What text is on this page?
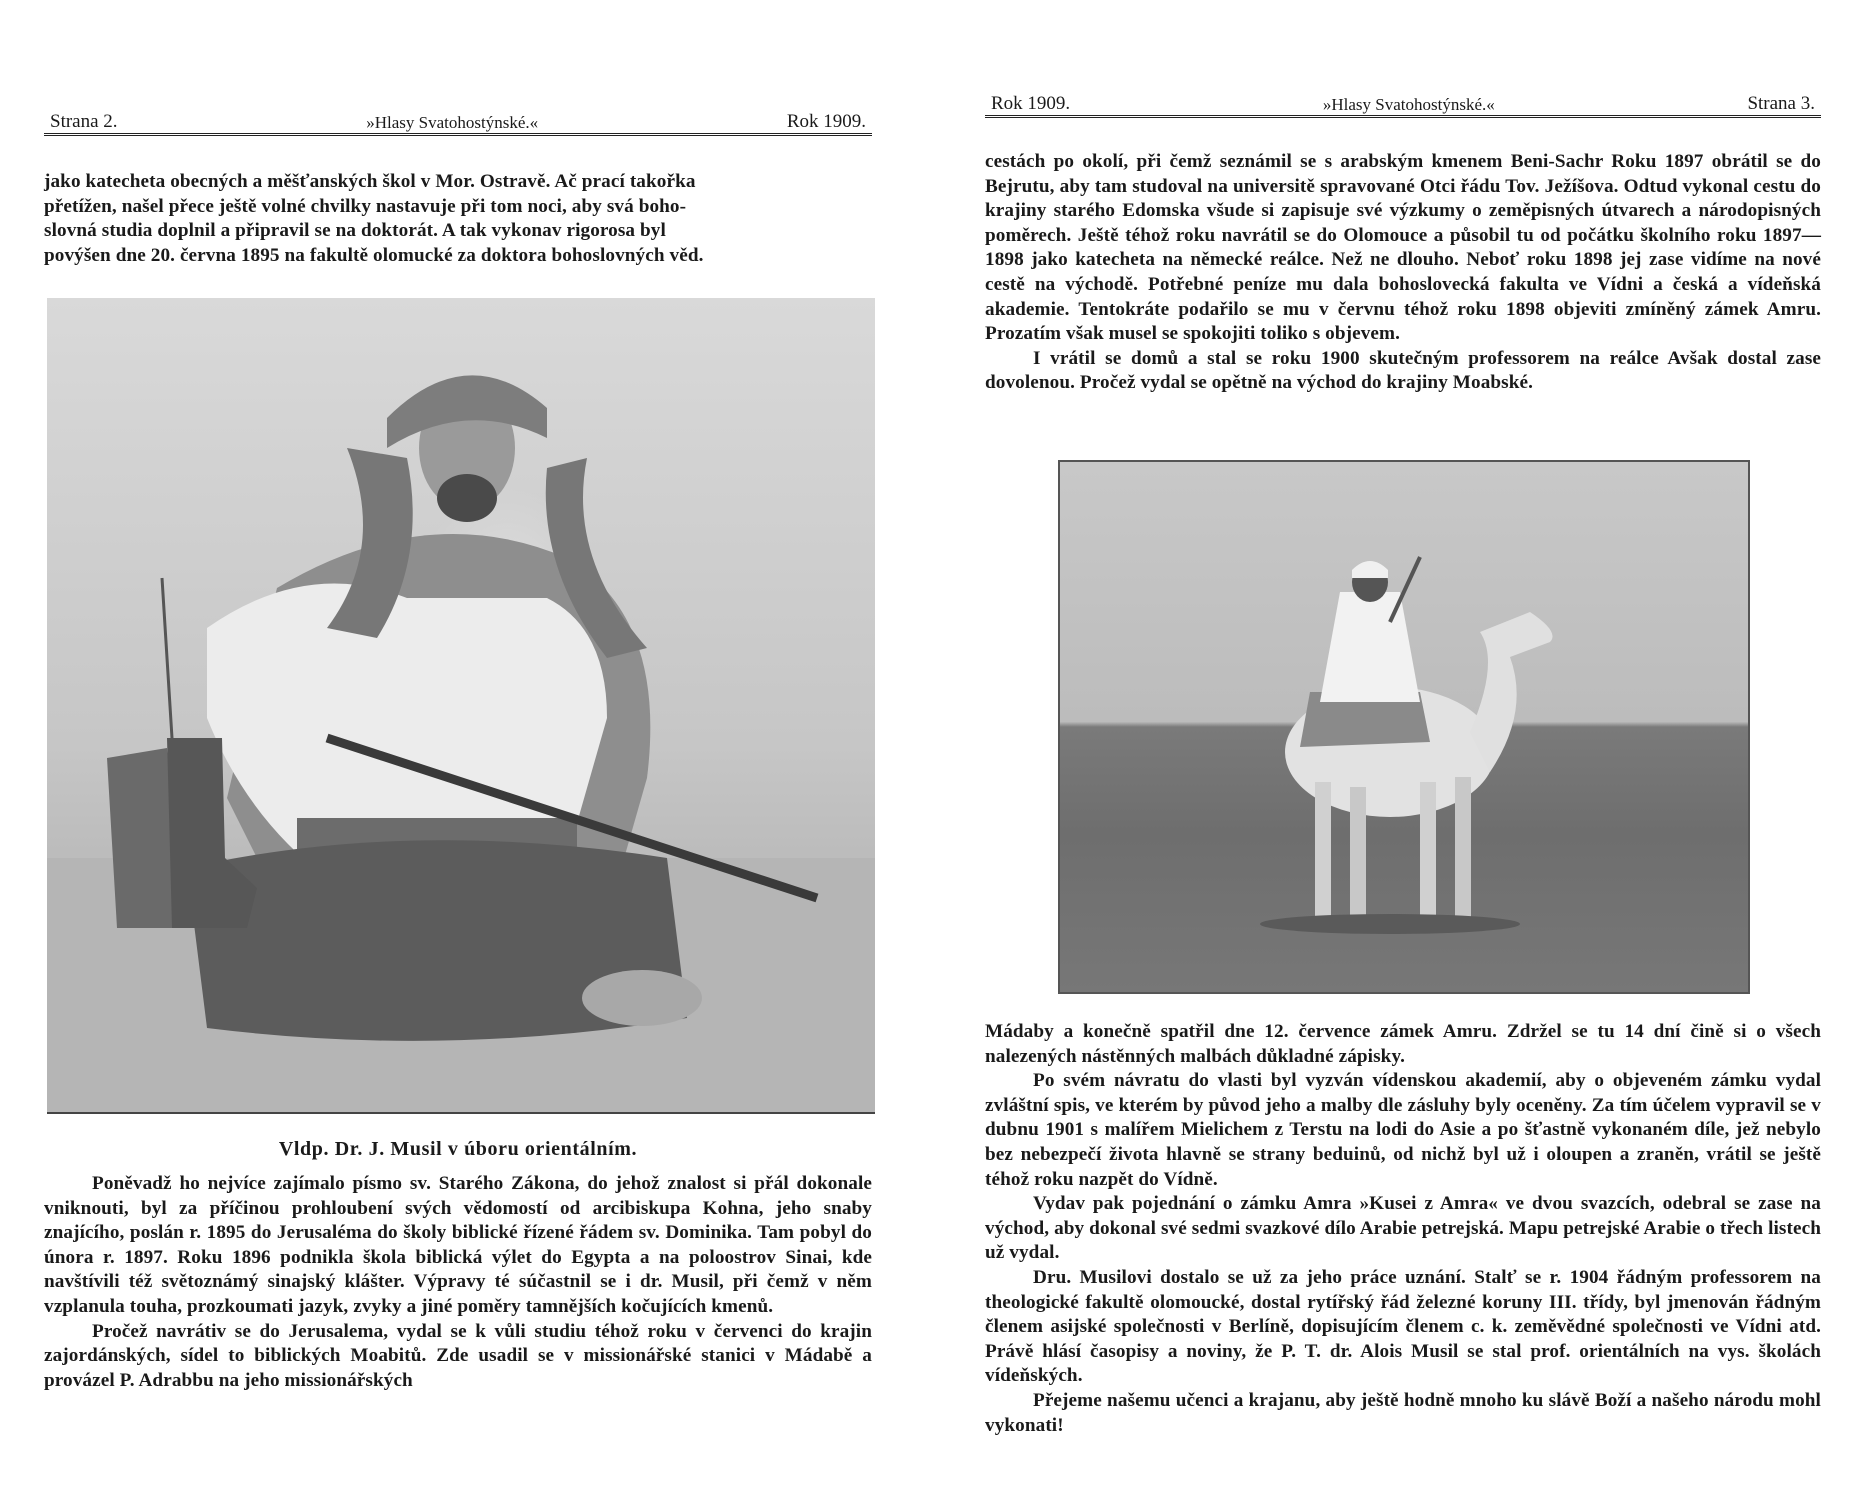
Strana 2.	»Hlasy Svatohostýnské.«	Rok 1909.

jako katecheta obecných a měšťanských škol v Mor. Ostravě. Ač prací takořka

přetížen, našel přece ještě volné chvilky nastavuje při tom noci, aby svá boho-

slovná studia doplnil a připravil se na doktorát. A tak vykonav rigorosa byl

povýšen dne 20. června 1895 na fakultě olomucké za doktora bohoslovných věd.

Vldp. Dr. J. Musil v úboru orientálním.

Poněvadž ho nejvíce zajímalo písmo sv. Starého Zákona, do jehož znalost si přál dokonale vniknouti, byl za příčinou prohloubení svých vědomostí od arcibiskupa Kohna, jeho snaby znajícího, poslán r. 1895 do Jerusaléma do školy biblické řízené řádem sv. Dominika. Tam pobyl do února r. 1897. Roku 1896 podnikla škola biblická výlet do Egypta a na poloostrov Sinai, kde navštívili též světoznámý sinajský klášter. Výpravy té súčastnil se i dr. Musil, při čemž v něm vzplanula touha, prozkoumati jazyk, zvyky a jiné poměry tamnějších kočujících kmenů.

Pročež navrátiv se do Jerusalema, vydal se k vůli studiu téhož roku v červenci do krajin zajordánských, sídel to biblických Moabitů. Zde usadil se v missionářské stanici v Mádabě a provázel P. Adrabbu na jeho missionářských

Rok 1909.	»Hlasy Svatohostýnské.«	Strana 3.

cestách po okolí, při čemž seznámil se s arabským kmenem Beni-Sachr Roku 1897 obrátil se do Bejrutu, aby tam studoval na universitě spravované Otci řádu Tov. Ježíšova. Odtud vykonal cestu do krajiny starého Edomska všude si zapisuje své výzkumy o zeměpisných útvarech a národopisných poměrech. Ještě téhož roku navrátil se do Olomouce a působil tu od počátku školního roku 1897—1898 jako katecheta na německé reálce. Než ne dlouho. Neboť roku 1898 jej zase vidíme na nové cestě na východě. Potřebné peníze mu dala bohoslovecká fakulta ve Vídni a česká a vídeňská akademie. Tentokráte podařilo se mu v červnu téhož roku 1898 objeviti zmíněný zámek Amru. Prozatím však musel se spokojiti toliko s objevem.

I vrátil se domů a stal se roku 1900 skutečným professorem na reálce Avšak dostal zase dovolenou. Pročež vydal se opětně na východ do krajiny Moabské.

Mádaby a konečně spatřil dne 12. července zámek Amru. Zdržel se tu 14 dní čině si o všech nalezených nástěnných malbách důkladné zápisky.

Po svém návratu do vlasti byl vyzván vídenskou akademií, aby o objeveném zámku vydal zvláštní spis, ve kterém by původ jeho a malby dle zásluhy byly oceněny. Za tím účelem vypravil se v dubnu 1901 s malířem Mielichem z Terstu na lodi do Asie a po šťastně vykonaném díle, jež nebylo bez nebezpečí života hlavně se strany beduinů, od nichž byl už i oloupen a zraněn, vrátil se ještě téhož roku nazpět do Vídně.

Vydav pak pojednání o zámku Amra »Kusei z Amra« ve dvou svazcích, odebral se zase na východ, aby dokonal své sedmi svazkové dílo Arabie petrejská. Mapu petrejské Arabie o třech listech už vydal.

Dru. Musilovi dostalo se už za jeho práce uznání. Stalť se r. 1904 řádným professorem na theologické fakultě olomoucké, dostal rytířský řád železné koruny III. třídy, byl jmenován řádným členem asijské společnosti v Berlíně, dopisujícím členem c. k. zeměvědné společnosti ve Vídni atd. Právě hlásí časopisy a noviny, že P. T. dr. Alois Musil se stal prof. orientálních na vys. školách vídeňských.

Přejeme našemu učenci a krajanu, aby ještě hodně mnoho ku slávě Boží a našeho národu mohl vykonati!
